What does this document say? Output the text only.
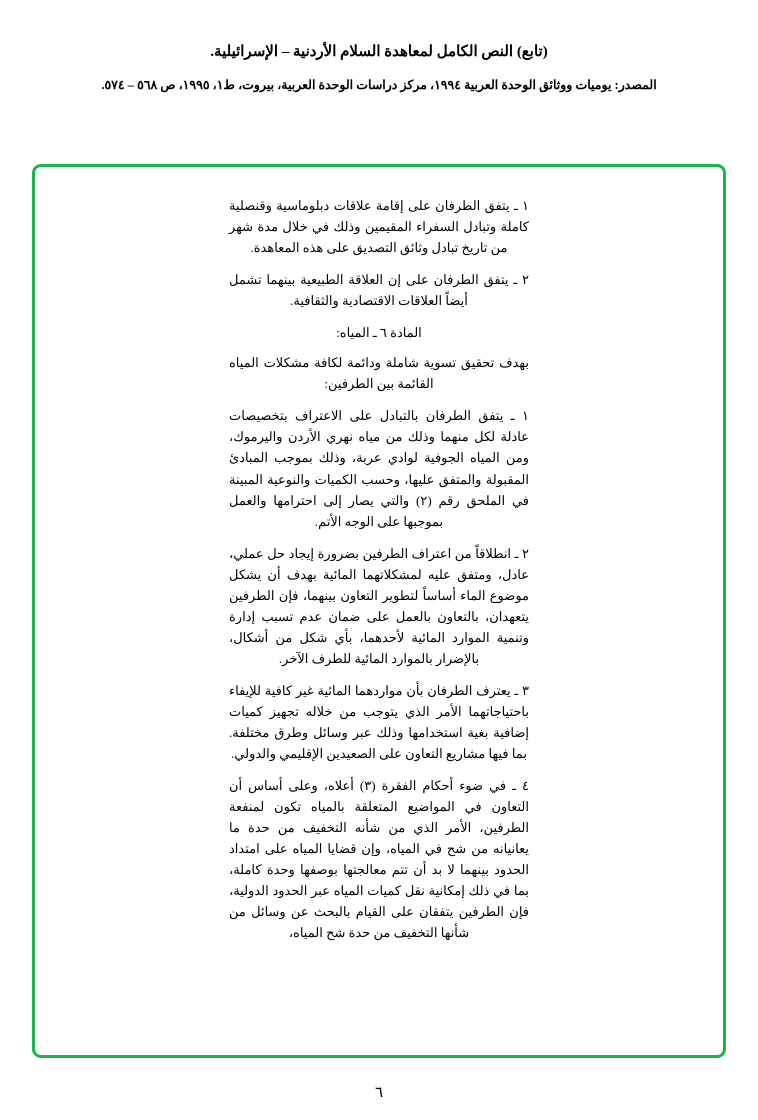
(تابع) النص الكامل لمعاهدة السلام الأردنية – الإسرائيلية.
المصدر: يوميات ووثائق الوحدة العربية ١٩٩٤، مركز دراسات الوحدة العربية، بيروت، ط١، ١٩٩٥، ص ٥٦٨ – ٥٧٤.

١ ـ يتفق الطرفان على إقامة علاقات دبلوماسية وقنصلية كاملة وتبادل السفراء المقيمين وذلك في خلال مدة شهر من تاريخ تبادل وثائق التصديق على هذه المعاهدة.

٢ ـ يتفق الطرفان على إن العلاقة الطبيعية بينهما تشمل أيضاً العلاقات الاقتصادية والثقافية.

المادة ٦ ـ المياه:

بهدف تحقيق تسوية شاملة ودائمة لكافة مشكلات المياه القائمة بين الطرفين:

١ ـ يتفق الطرفان بالتبادل على الاعتراف بتخصيصات عادلة لكل منهما وذلك من مياه نهري الأردن واليرموك، ومن المياه الجوفية لوادي عربة، وذلك بموجب المبادئ المقبولة والمتفق عليها، وحسب الكميات والنوعية المبينة في الملحق رقم (٢) والتي يصار إلى احترامها والعمل بموجبها على الوجه الأتم.

٢ ـ انطلاقاً من اعتراف الطرفين بضرورة إيجاد حل عملي، عادل، ومتفق عليه لمشكلاتهما المائية بهدف أن يشكل موضوع الماء أساساً لتطوير التعاون بينهما، فإن الطرفين يتعهدان، بالتعاون بالعمل على ضمان عدم تسبب إدارة وتنمية الموارد المائية لأحدهما، بأي شكل من أشكال، بالإضرار بالموارد المائية للطرف الآخر.

٣ ـ يعترف الطرفان بأن مواردهما المائية غير كافية للإيفاء باحتياجاتهما الأمر الذي يتوجب من خلاله تجهيز كميات إضافية بغية استخدامها وذلك عبر وسائل وطرق مختلفة. بما فيها مشاريع التعاون على الصعيدين الإقليمي والدولي.

٤ ـ في ضوء أحكام الفقرة (٣) أعلاه، وعلى أساس أن التعاون في المواضيع المتعلقة بالمياه تكون لمنفعة الطرفين، الأمر الذي من شأنه التخفيف من حدة ما يعانيانه من شح في المياه، وإن قضايا المياه على امتداد الحدود بينهما لا بد أن تتم معالجتها بوصفها وحدة كاملة، بما في ذلك إمكانية نقل كميات المياه عبر الحدود الدولية، فإن الطرفين يتفقان على القيام بالبحث عن وسائل من شأنها التخفيف من حدة شح المياه،

٦
